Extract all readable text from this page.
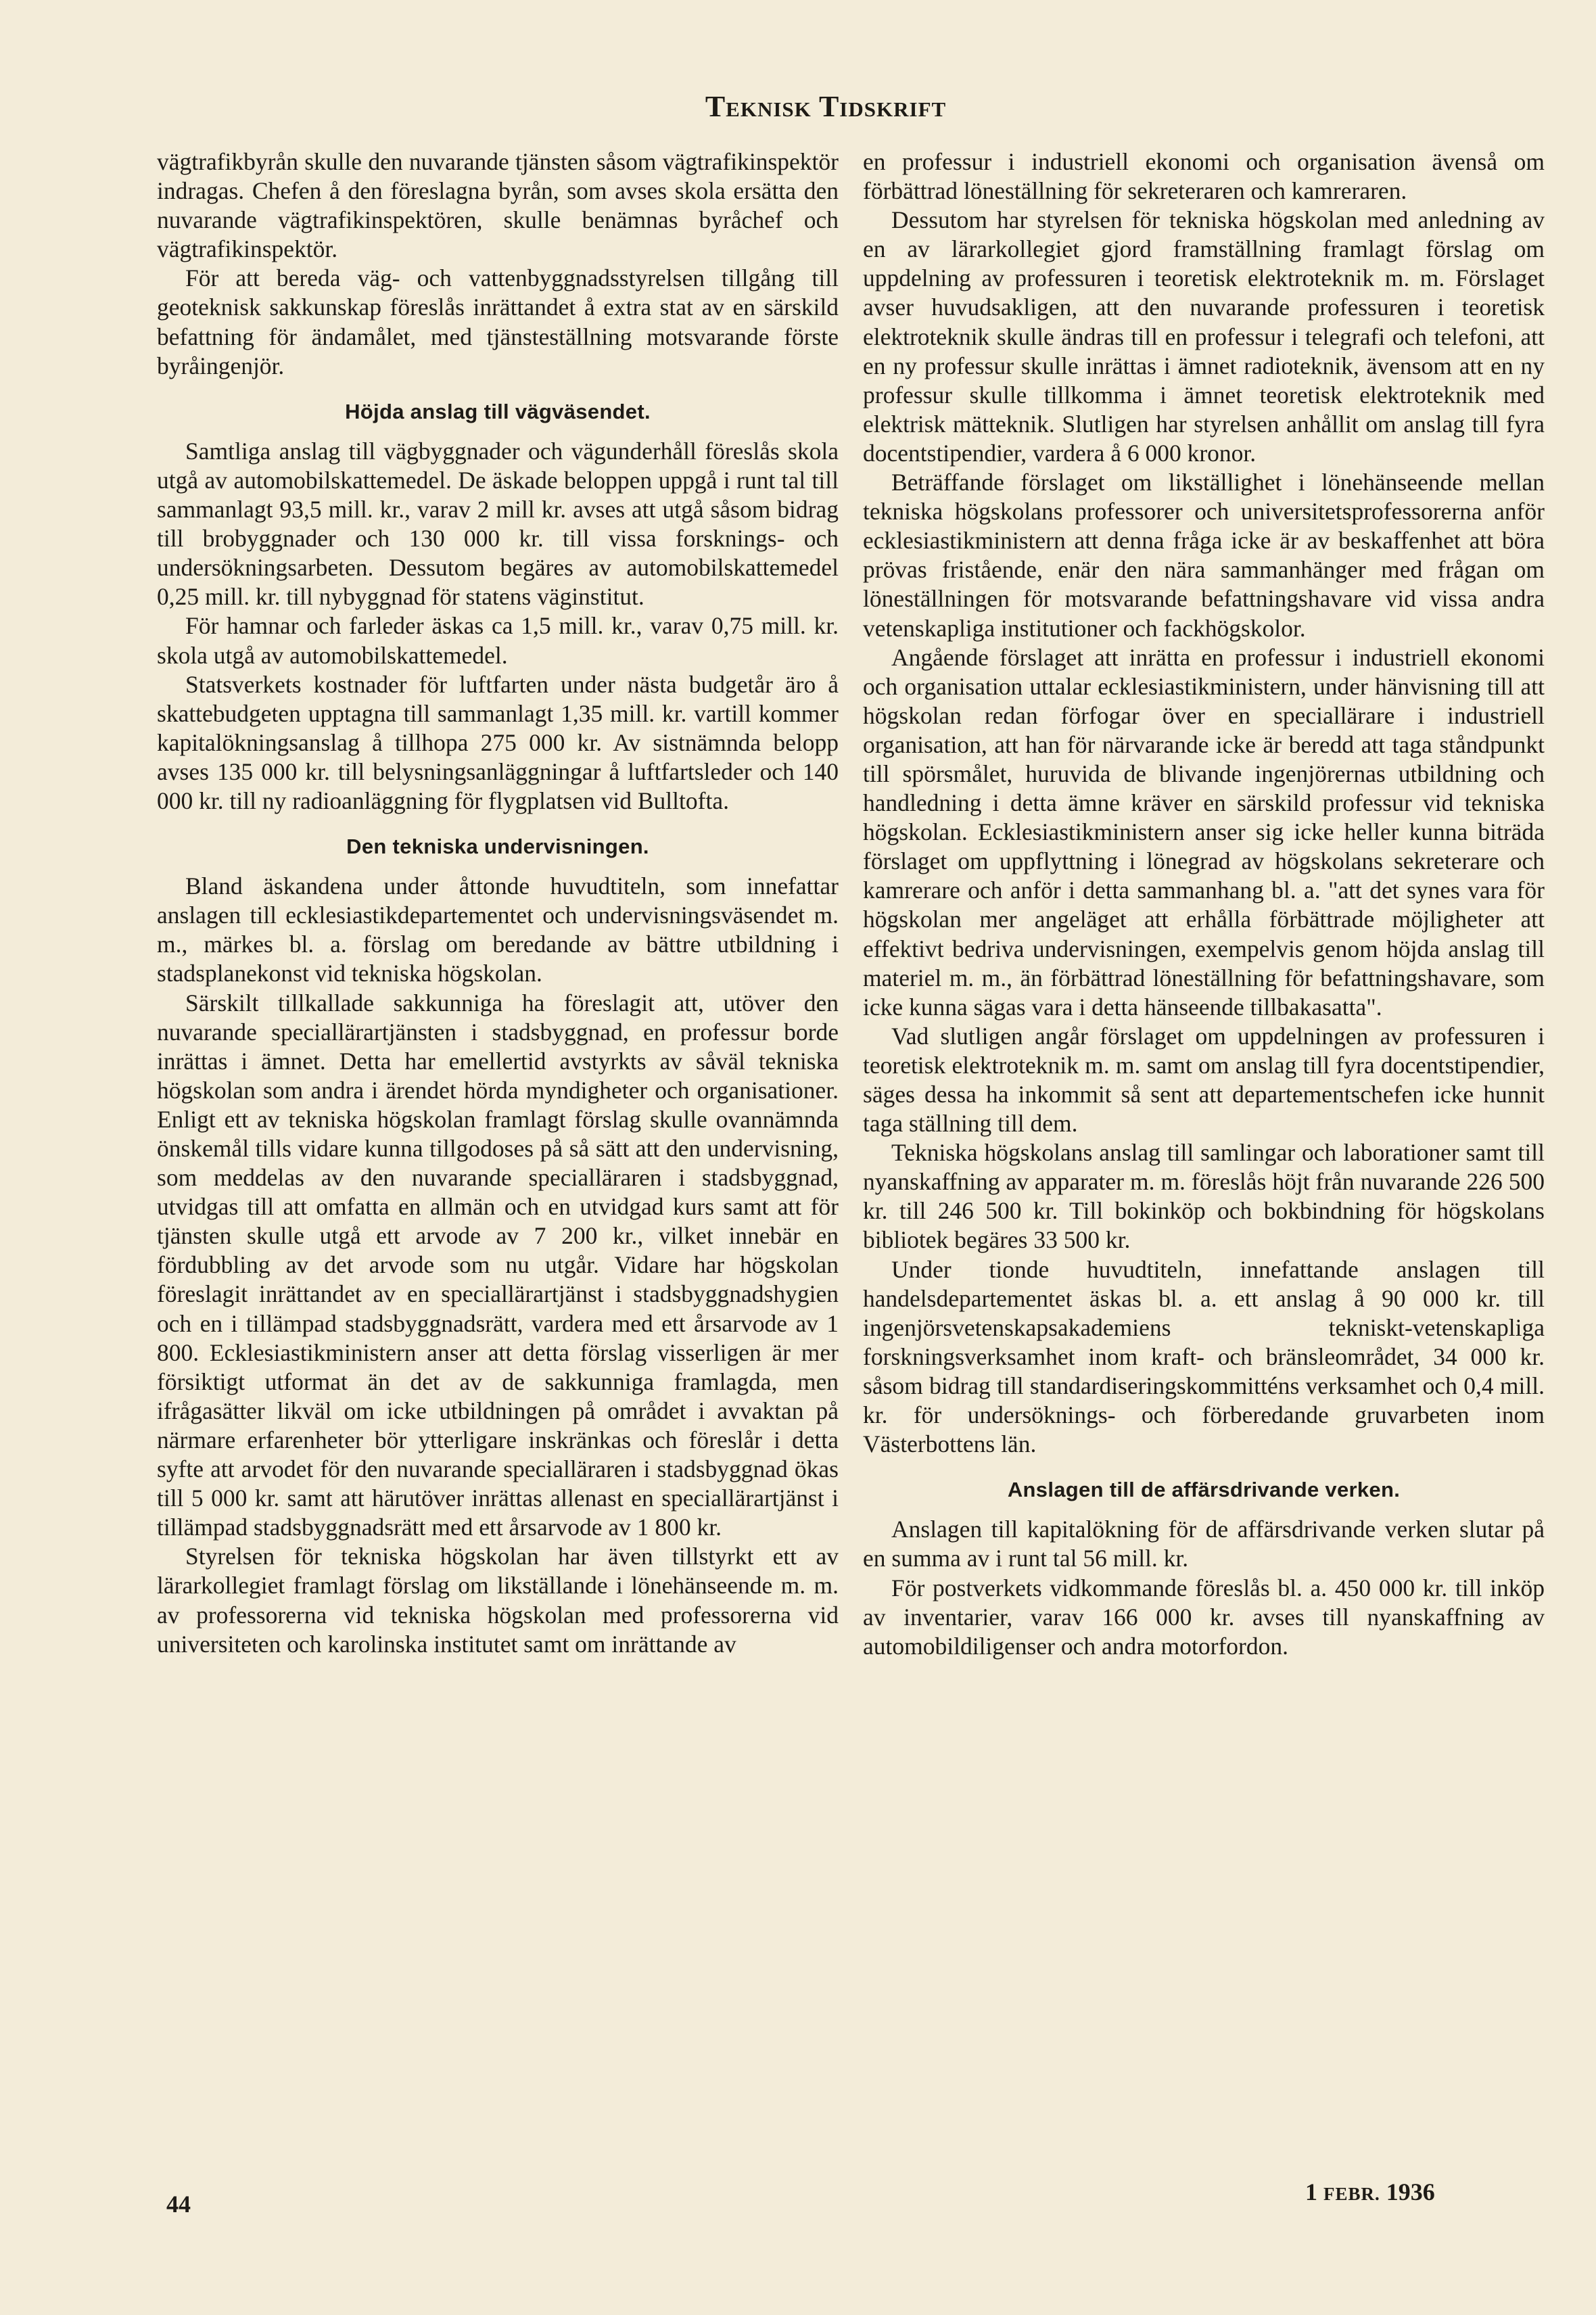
Teknisk Tidskrift

vägtrafikbyrån skulle den nuvarande tjänsten såsom vägtrafikinspektör indragas. Chefen å den föreslagna byrån, som avses skola ersätta den nuvarande vägtrafikinspektören, skulle benämnas byråchef och vägtrafikinspektör.

För att bereda väg- och vattenbyggnadsstyrelsen tillgång till geoteknisk sakkunskap föreslås inrättandet å extra stat av en särskild befattning för ändamålet, med tjänsteställning motsvarande förste byråingenjör.

Höjda anslag till vägväsendet.

Samtliga anslag till vägbyggnader och vägunderhåll föreslås skola utgå av automobilskattemedel. De äskade beloppen uppgå i runt tal till sammanlagt 93,5 mill. kr., varav 2 mill kr. avses att utgå såsom bidrag till brobyggnader och 130 000 kr. till vissa forsknings- och undersökningsarbeten. Dessutom begäres av automobilskattemedel 0,25 mill. kr. till nybyggnad för statens väginstitut.

För hamnar och farleder äskas ca 1,5 mill. kr., varav 0,75 mill. kr. skola utgå av automobilskattemedel.

Statsverkets kostnader för luftfarten under nästa budgetår äro å skattebudgeten upptagna till sammanlagt 1,35 mill. kr. vartill kommer kapitalökningsanslag å tillhopa 275 000 kr. Av sistnämnda belopp avses 135 000 kr. till belysningsanläggningar å luftfartsleder och 140 000 kr. till ny radioanläggning för flygplatsen vid Bulltofta.

Den tekniska undervisningen.

Bland äskandena under åttonde huvudtiteln, som innefattar anslagen till ecklesiastikdepartementet och undervisningsväsendet m. m., märkes bl. a. förslag om beredande av bättre utbildning i stadsplanekonst vid tekniska högskolan.

Särskilt tillkallade sakkunniga ha föreslagit att, utöver den nuvarande speciallärartjänsten i stadsbyggnad, en professur borde inrättas i ämnet. Detta har emellertid avstyrkts av såväl tekniska högskolan som andra i ärendet hörda myndigheter och organisationer. Enligt ett av tekniska högskolan framlagt förslag skulle ovannämnda önskemål tills vidare kunna tillgodoses på så sätt att den undervisning, som meddelas av den nuvarande specialläraren i stadsbyggnad, utvidgas till att omfatta en allmän och en utvidgad kurs samt att för tjänsten skulle utgå ett arvode av 7 200 kr., vilket innebär en fördubbling av det arvode som nu utgår. Vidare har högskolan föreslagit inrättandet av en speciallärartjänst i stadsbyggnadshygien och en i tillämpad stadsbyggnadsrätt, vardera med ett årsarvode av 1 800. Ecklesiastikministern anser att detta förslag visserligen är mer försiktigt utformat än det av de sakkunniga framlagda, men ifrågasätter likväl om icke utbildningen på området i avvaktan på närmare erfarenheter bör ytterligare inskränkas och föreslår i detta syfte att arvodet för den nuvarande specialläraren i stadsbyggnad ökas till 5 000 kr. samt att härutöver inrättas allenast en speciallärartjänst i tillämpad stadsbyggnadsrätt med ett årsarvode av 1 800 kr.

Styrelsen för tekniska högskolan har även tillstyrkt ett av lärarkollegiet framlagt förslag om likställande i lönehänseende m. m. av professorerna vid tekniska högskolan med professorerna vid universiteten och karolinska institutet samt om inrättande av

en professur i industriell ekonomi och organisation ävenså om förbättrad löneställning för sekreteraren och kamreraren.

Dessutom har styrelsen för tekniska högskolan med anledning av en av lärarkollegiet gjord framställning framlagt förslag om uppdelning av professuren i teoretisk elektroteknik m. m. Förslaget avser huvudsakligen, att den nuvarande professuren i teoretisk elektroteknik skulle ändras till en professur i telegrafi och telefoni, att en ny professur skulle inrättas i ämnet radioteknik, ävensom att en ny professur skulle tillkomma i ämnet teoretisk elektroteknik med elektrisk mätteknik. Slutligen har styrelsen anhållit om anslag till fyra docentstipendier, vardera å 6 000 kronor.

Beträffande förslaget om likställighet i lönehänseende mellan tekniska högskolans professorer och universitetsprofessorerna anför ecklesiastikministern att denna fråga icke är av beskaffenhet att böra prövas fristående, enär den nära sammanhänger med frågan om löneställningen för motsvarande befattningshavare vid vissa andra vetenskapliga institutioner och fackhögskolor.

Angående förslaget att inrätta en professur i industriell ekonomi och organisation uttalar ecklesiastikministern, under hänvisning till att högskolan redan förfogar över en speciallärare i industriell organisation, att han för närvarande icke är beredd att taga ståndpunkt till spörsmålet, huruvida de blivande ingenjörernas utbildning och handledning i detta ämne kräver en särskild professur vid tekniska högskolan. Ecklesiastikministern anser sig icke heller kunna biträda förslaget om uppflyttning i lönegrad av högskolans sekreterare och kamrerare och anför i detta sammanhang bl. a. "att det synes vara för högskolan mer angeläget att erhålla förbättrade möjligheter att effektivt bedriva undervisningen, exempelvis genom höjda anslag till materiel m. m., än förbättrad löneställning för befattningshavare, som icke kunna sägas vara i detta hänseende tillbakasatta".

Vad slutligen angår förslaget om uppdelningen av professuren i teoretisk elektroteknik m. m. samt om anslag till fyra docentstipendier, säges dessa ha inkommit så sent att departementschefen icke hunnit taga ställning till dem.

Tekniska högskolans anslag till samlingar och laborationer samt till nyanskaffning av apparater m. m. föreslås höjt från nuvarande 226 500 kr. till 246 500 kr. Till bokinköp och bokbindning för högskolans bibliotek begäres 33 500 kr.

Under tionde huvudtiteln, innefattande anslagen till handelsdepartementet äskas bl. a. ett anslag å 90 000 kr. till ingenjörsvetenskapsakademiens tekniskt-vetenskapliga forskningsverksamhet inom kraft- och bränsleområdet, 34 000 kr. såsom bidrag till standardiseringskommitténs verksamhet och 0,4 mill. kr. för undersöknings- och förberedande gruvarbeten inom Västerbottens län.

Anslagen till de affärsdrivande verken.

Anslagen till kapitalökning för de affärsdrivande verken slutar på en summa av i runt tal 56 mill. kr.

För postverkets vidkommande föreslås bl. a. 450 000 kr. till inköp av inventarier, varav 166 000 kr. avses till nyanskaffning av automobildiligenser och andra motorfordon.

44	1 FEBR. 1936
